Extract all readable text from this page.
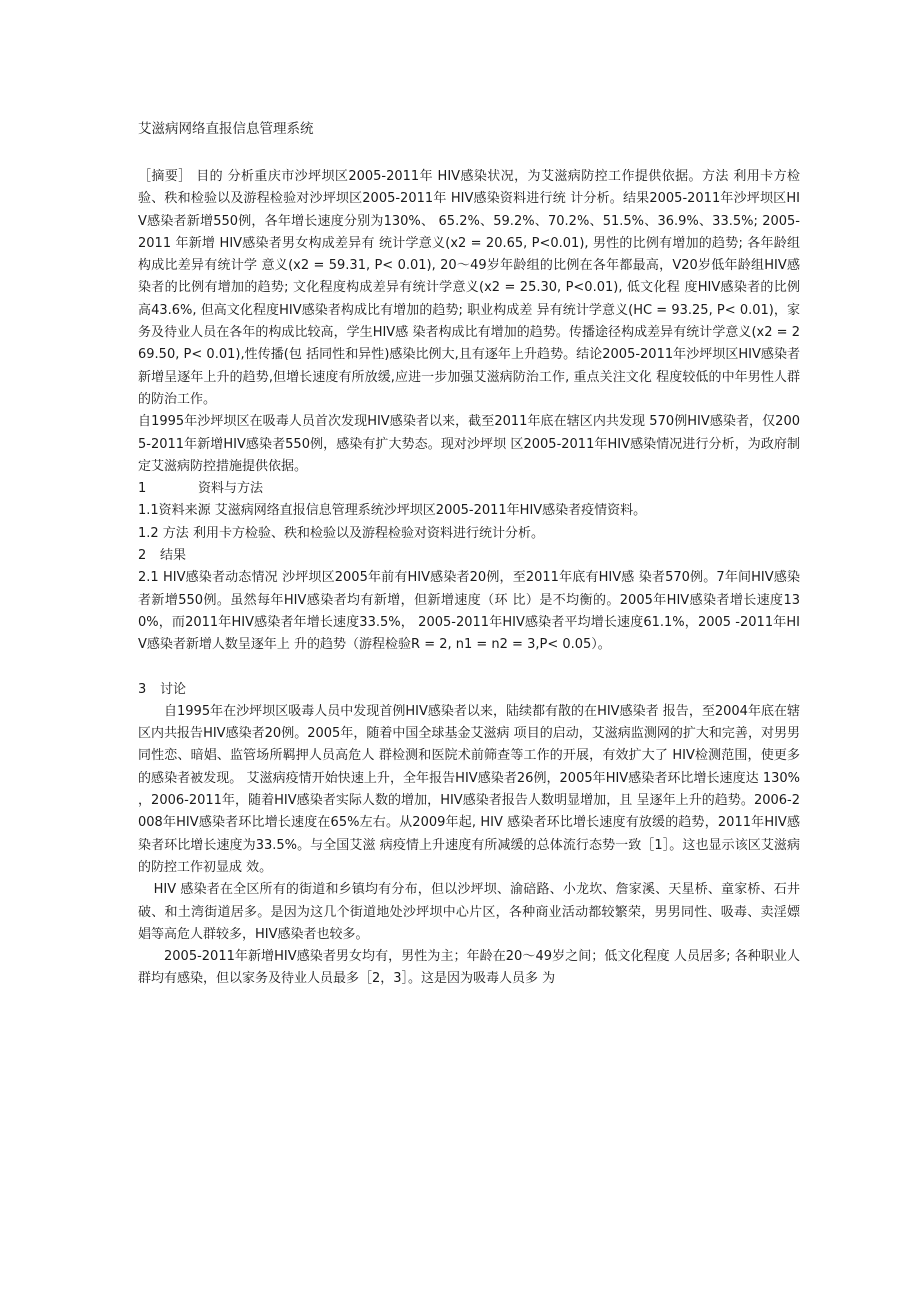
艾滋病网络直报信息管理系统

［摘要］ 目的 分析重庆市沙坪坝区2005-2011年 HIV感染状况，为艾滋病防控工作提供依据。方法 利用卡方检验、秩和检验以及游程检验对沙坪坝区2005-2011年 HIV感染资料进行统 计分析。结果2005-2011年沙坪坝区HIV感染者新增550例，各年增长速度分别为130%、 65.2%、59.2%、70.2%、51.5%、36.9%、33.5%; 2005-2011 年新增 HIV感染者男女构成差异有 统计学意义(x2 = 20.65, P<0.01), 男性的比例有增加的趋势; 各年龄组构成比差异有统计学 意义(x2 = 59.31, P< 0.01), 20〜49岁年龄组的比例在各年都最高，V20岁低年龄组HIV感 染者的比例有增加的趋势; 文化程度构成差异有统计学意义(x2 = 25.30, P<0.01), 低文化程 度HIV感染者的比例高43.6%, 但高文化程度HIV感染者构成比有增加的趋势; 职业构成差 异有统计学意义(HC = 93.25, P< 0.01)，家务及待业人员在各年的构成比较高，学生HIV感 染者构成比有增加的趋势。传播途径构成差异有统计学意义(x2 = 269.50, P< 0.01),性传播(包 括同性和异性)感染比例大,且有逐年上升趋势。结论2005-2011年沙坪坝区HIV感染者 新增呈逐年上升的趋势,但增长速度有所放缓,应进一步加强艾滋病防治工作, 重点关注文化 程度较低的中年男性人群的防治工作。

自1995年沙坪坝区在吸毒人员首次发现HIV感染者以来，截至2011年底在辖区内共发现 570例HIV感染者，仅2005-2011年新增HIV感染者550例，感染有扩大势态。现对沙坪坝 区2005-2011年HIV感染情况进行分析，为政府制定艾滋病防控措施提供依据。

1	资料与方法

1.1资料来源 艾滋病网络直报信息管理系统沙坪坝区2005-2011年HIV感染者疫情资料。

1.2 方法 利用卡方检验、秩和检验以及游程检验对资料进行统计分析。

2 结果

2.1 HIV感染者动态情况 沙坪坝区2005年前有HIV感染者20例，至2011年底有HIV感 染者570例。7年间HIV感染者新增550例。虽然每年HIV感染者均有新增，但新增速度（环 比）是不均衡的。2005年HIV感染者增长速度130%，而2011年HIV感染者年增长速度33.5%， 2005-2011年HIV感染者平均增长速度61.1%，2005 -2011年HIV感染者新增人数呈逐年上 升的趋势（游程检验R = 2, n1 = n2 = 3,P< 0.05）。

3 讨论

自1995年在沙坪坝区吸毒人员中发现首例HIV感染者以来，陆续都有散的在HIV感染者 报告，至2004年底在辖区内共报告HIV感染者20例。2005年，随着中国全球基金艾滋病 项目的启动，艾滋病监测网的扩大和完善，对男男同性恋、暗娼、监管场所羁押人员高危人 群检测和医院术前筛查等工作的开展，有效扩大了 HIV检测范围，使更多的感染者被发现。 艾滋病疫情开始快速上升，全年报告HIV感染者26例，2005年HIV感染者环比增长速度达 130% ，2006-2011年，随着HIV感染者实际人数的增加，HIV感染者报告人数明显增加，且 呈逐年上升的趋势。2006-2008年HIV感染者环比增长速度在65%左右。从2009年起, HIV 感染者环比增长速度有放缓的趋势，2011年HIV感染者环比增长速度为33.5%。与全国艾滋 病疫情上升速度有所减缓的总体流行态势一致［1］。这也显示该区艾滋病的防控工作初显成 效。

HIV 感染者在全区所有的街道和乡镇均有分布，但以沙坪坝、渝碚路、小龙坎、詹家溪、天星桥、童家桥、石井破、和土湾街道居多。是因为这几个街道地处沙坪坝中心片区，各种商业活动都较繁荣，男男同性、吸毒、卖淫嫖娼等高危人群较多，HIV感染者也较多。

2005-2011年新增HIV感染者男女均有，男性为主；年龄在20〜49岁之间；低文化程度 人员居多; 各种职业人群均有感染，但以家务及待业人员最多［2，3］。这是因为吸毒人员多 为
